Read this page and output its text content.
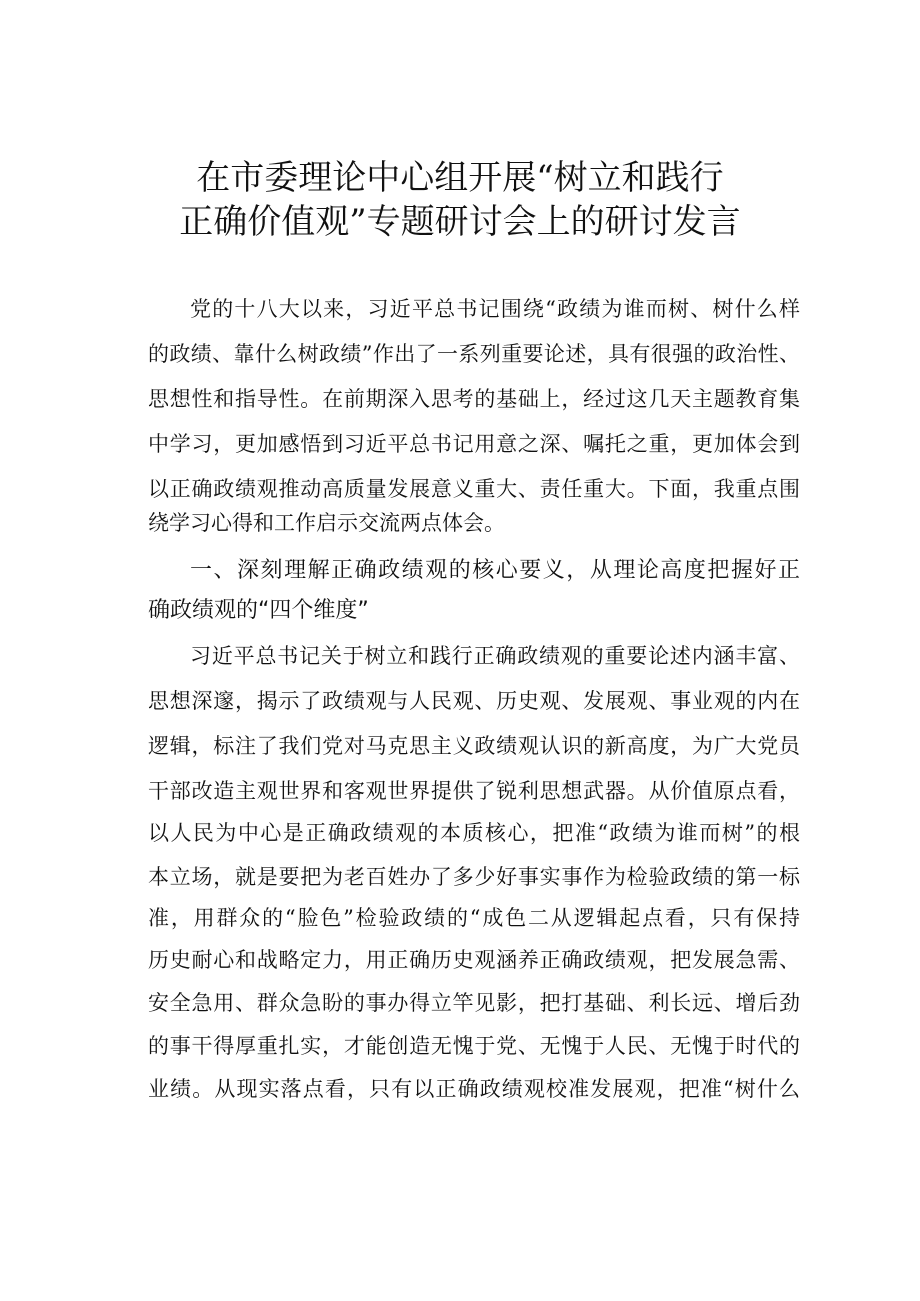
在市委理论中心组开展“树立和践行
正确价值观”专题研讨会上的研讨发言
党的十八大以来，习近平总书记围绕“政绩为谁而树、树什么样
的政绩、靠什么树政绩”作出了一系列重要论述，具有很强的政治性、
思想性和指导性。在前期深入思考的基础上，经过这几天主题教育集
中学习，更加感悟到习近平总书记用意之深、嘱托之重，更加体会到
以正确政绩观推动高质量发展意义重大、责任重大。下面，我重点围
绕学习心得和工作启示交流两点体会。
一、深刻理解正确政绩观的核心要义，从理论高度把握好正
确政绩观的“四个维度”
习近平总书记关于树立和践行正确政绩观的重要论述内涵丰富、
思想深邃，揭示了政绩观与人民观、历史观、发展观、事业观的内在
逻辑，标注了我们党对马克思主义政绩观认识的新高度，为广大党员
干部改造主观世界和客观世界提供了锐利思想武器。从价值原点看，
以人民为中心是正确政绩观的本质核心，把准“政绩为谁而树”的根
本立场，就是要把为老百姓办了多少好事实事作为检验政绩的第一标
准，用群众的“脸色”检验政绩的“成色二从逻辑起点看，只有保持
历史耐心和战略定力，用正确历史观涵养正确政绩观，把发展急需、
安全急用、群众急盼的事办得立竿见影，把打基础、利长远、增后劲
的事干得厚重扎实，才能创造无愧于党、无愧于人民、无愧于时代的
业绩。从现实落点看，只有以正确政绩观校准发展观，把准“树什么
